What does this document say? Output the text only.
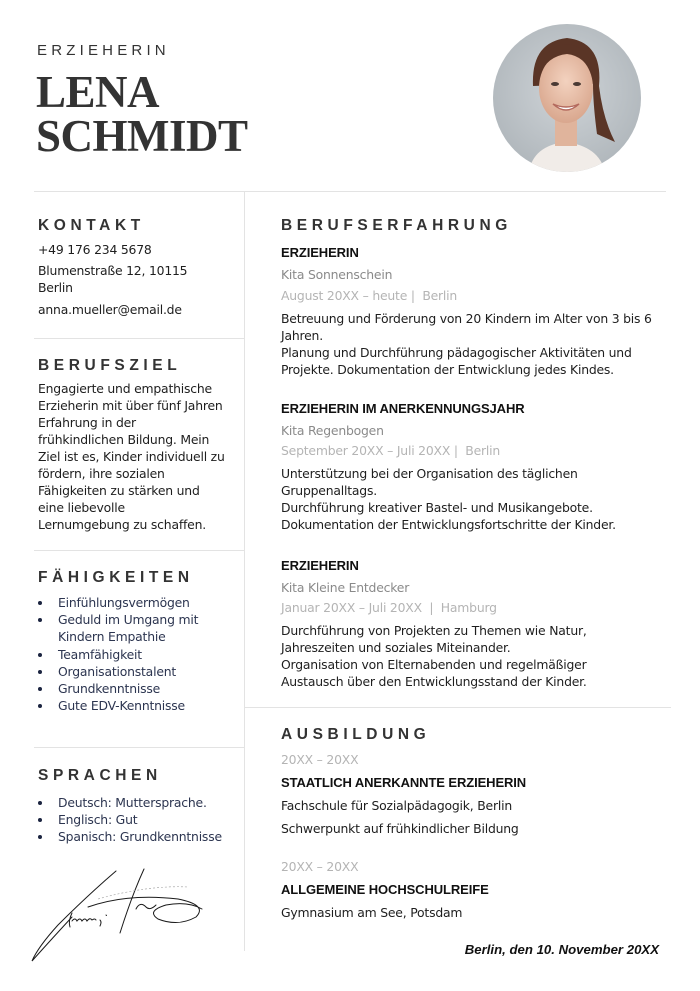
ERZIEHERIN
LENA
SCHMIDT
KONTAKT
+49 176 234 5678
Blumenstraße 12, 10115
Berlin
anna.mueller@email.de
BERUFSZIEL
Engagierte und empathische
Erzieherin mit über fünf Jahren
Erfahrung in der
frühkindlichen Bildung. Mein
Ziel ist es, Kinder individuell zu
fördern, ihre sozialen
Fähigkeiten zu stärken und
eine liebevolle
Lernumgebung zu schaffen.
FÄHIGKEITEN
Einfühlungsvermögen
Geduld im Umgang mit Kindern Empathie
Teamfähigkeit
Organisationstalent
Grundkenntnisse
Gute EDV-Kenntnisse
SPRACHEN
Deutsch: Muttersprache.
Englisch: Gut
Spanisch: Grundkenntnisse
BERUFSERFAHRUNG
ERZIEHERIN
Kita Sonnenschein
August 20XX – heute |  Berlin
Betreuung und Förderung von 20 Kindern im Alter von 3 bis 6
Jahren.
Planung und Durchführung pädagogischer Aktivitäten und
Projekte. Dokumentation der Entwicklung jedes Kindes.
ERZIEHERIN IM ANERKENNUNGSJAHR
Kita Regenbogen
September 20XX – Juli 20XX |  Berlin
Unterstützung bei der Organisation des täglichen
Gruppenalltags.
Durchführung kreativer Bastel- und Musikangebote.
Dokumentation der Entwicklungsfortschritte der Kinder.
ERZIEHERIN
Kita Kleine Entdecker
Januar 20XX – Juli 20XX  |  Hamburg
Durchführung von Projekten zu Themen wie Natur,
Jahreszeiten und soziales Miteinander.
Organisation von Elternabenden und regelmäßiger
Austausch über den Entwicklungsstand der Kinder.
AUSBILDUNG
20XX – 20XX
STAATLICH ANERKANNTE ERZIEHERIN
Fachschule für Sozialpädagogik, Berlin
Schwerpunkt auf frühkindlicher Bildung
20XX – 20XX
ALLGEMEINE HOCHSCHULREIFE
Gymnasium am See, Potsdam
Berlin, den 10. November 20XX
